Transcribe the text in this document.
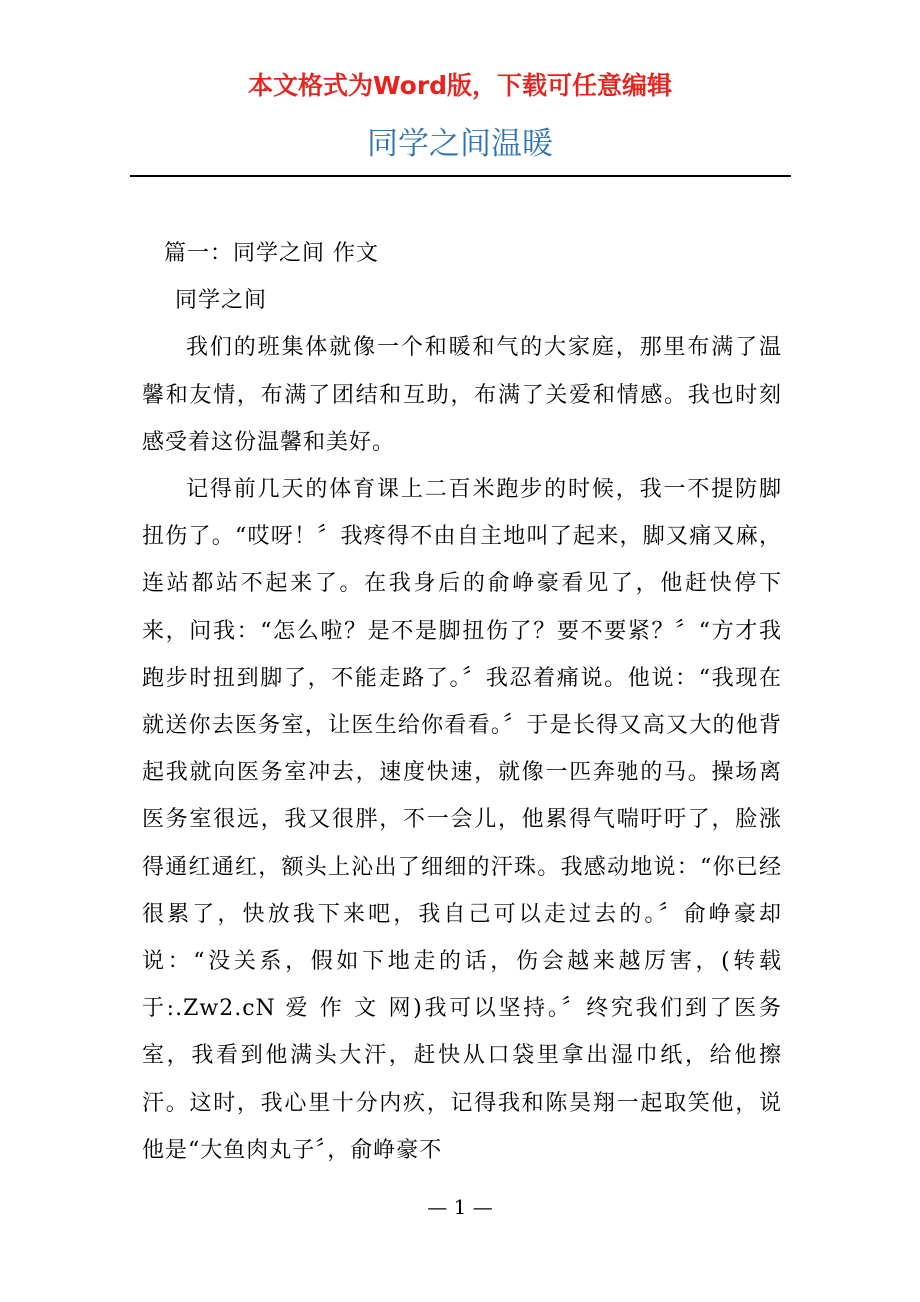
本文格式为Word版，下载可任意编辑
同学之间温暖

篇一：同学之间 作文

同学之间

我们的班集体就像一个和暖和气的大家庭，那里布满了温馨和友情，布满了团结和互助，布满了关爱和情感。我也时刻感受着这份温馨和美好。

记得前几天的体育课上二百米跑步的时候，我一不提防脚扭伤了。“哎呀！〞我疼得不由自主地叫了起来，脚又痛又麻，连站都站不起来了。在我身后的俞峥豪看见了，他赶快停下来，问我：“怎么啦？是不是脚扭伤了？要不要紧？〞“方才我跑步时扭到脚了，不能走路了。〞我忍着痛说。他说：“我现在就送你去医务室，让医生给你看看。〞于是长得又高又大的他背起我就向医务室冲去，速度快速，就像一匹奔驰的马。操场离医务室很远，我又很胖，不一会儿，他累得气喘吁吁了，脸涨得通红通红，额头上沁出了细细的汗珠。我感动地说：“你已经很累了，快放我下来吧，我自己可以走过去的。〞俞峥豪却说：“没关系，假如下地走的话，伤会越来越厉害，(转载于:.Zw2.cN 爱 作 文 网)我可以坚持。〞终究我们到了医务室，我看到他满头大汗，赶快从口袋里拿出湿巾纸，给他擦汗。这时，我心里十分内疚，记得我和陈昊翔一起取笑他，说他是“大鱼肉丸子〞，俞峥豪不

— 1 —
